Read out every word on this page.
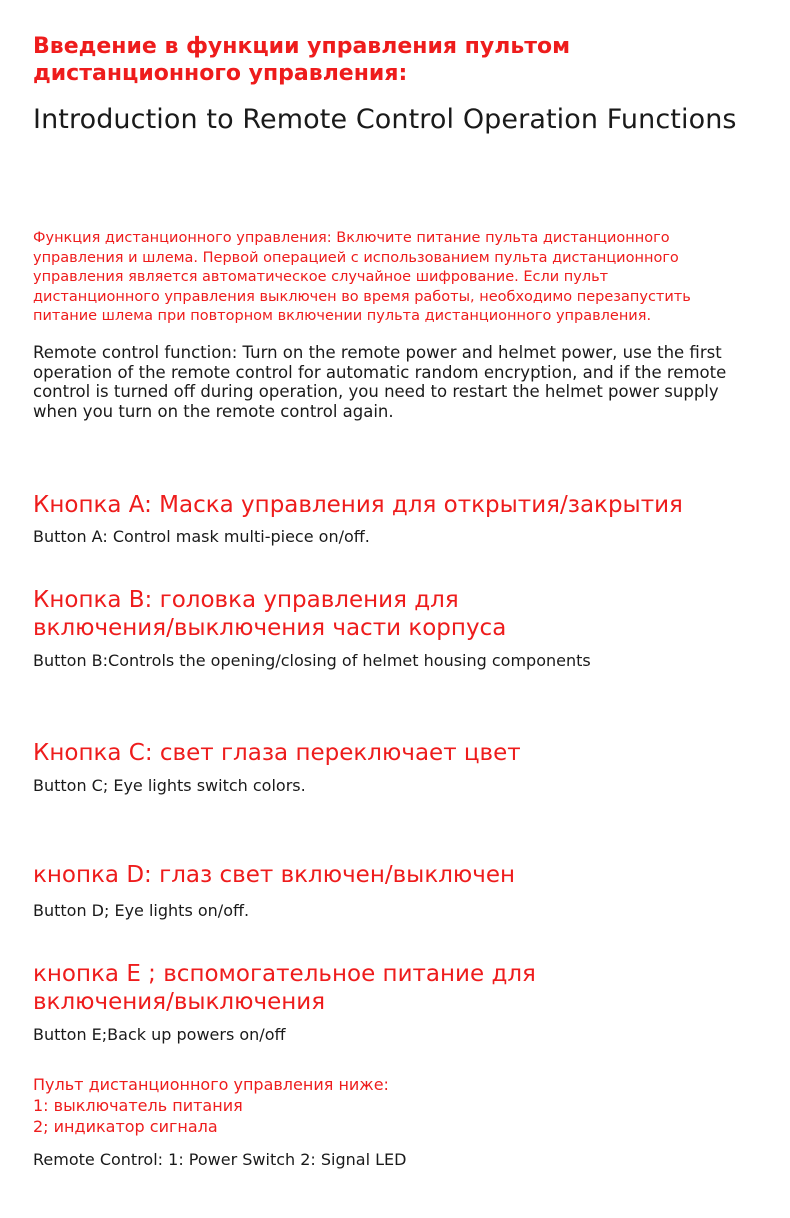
Введение в функции управления пультом
дистанционного управления:
Introduction to Remote Control Operation Functions
Функция дистанционного управления: Включите питание пульта дистанционного
управления и шлема. Первой операцией с использованием пульта дистанционного
управления является автоматическое случайное шифрование. Если пульт
дистанционного управления выключен во время работы, необходимо перезапустить
питание шлема при повторном включении пульта дистанционного управления.
Remote control function: Turn on the remote power and helmet power, use the first
operation of the remote control for automatic random encryption, and if the remote
control is turned off during operation, you need to restart the helmet power supply
when you turn on the remote control again.
Кнопка A: Маска управления для открытия/закрытия
Button A: Control mask multi-piece on/off.
Кнопка B: головка управления для
включения/выключения части корпуса
Button B:Controls the opening/closing of helmet housing components
Кнопка C: свет глаза переключает цвет
Button C; Eye lights switch colors.
кнопка D: глаз свет включен/выключен
Button D; Eye lights on/off.
кнопка E ; вспомогательное питание для
включения/выключения
Button E;Back up powers on/off
Пульт дистанционного управления ниже:
1: выключатель питания
2; индикатор сигнала
Remote Control: 1: Power Switch 2: Signal LED
